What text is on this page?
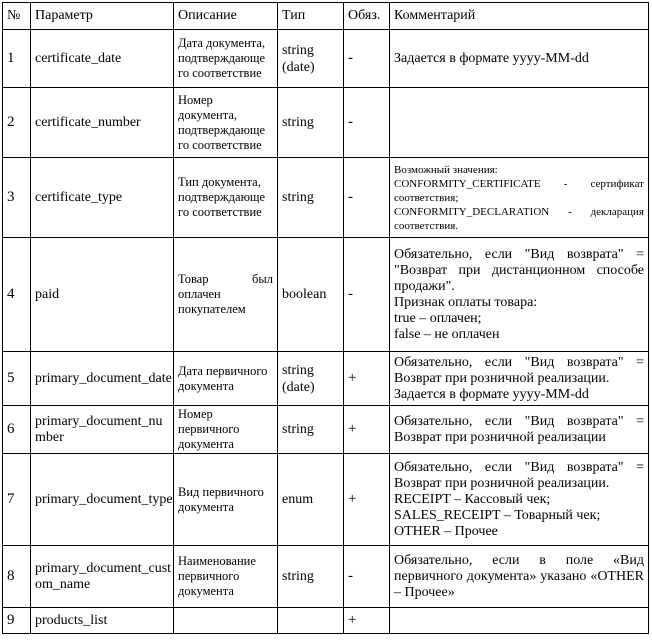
№	Параметр	Описание	Тип	Обяз.	Комментарий
1	certificate_date	Дата документа, подтверждающе го соответствие	string (date)	-	Задается в формате yyyy-MM-dd

2	certificate_number	Номер документа, подтверждающе го соответствие	string	-	
3	certificate_type	Тип документа, подтверждающе го соответствие	string	-	Возможный значения:
CONFORMITY_CERTIFICATE - сертификат соответствия;
CONFORMITY_DECLARATION - декларация соответствия.

4	paid	Товар был оплачен покупателем	boolean	-	Обязательно, если "Вид возврата" = "Возврат при дистанционном способе продажи".
Признак оплаты товара:
true – оплачен;
false – не оплачен

5	primary_document_date	Дата первичного документа	string (date)	+	Обязательно, если "Вид возврата" = Возврат при розничной реализации.
Задается в формате yyyy-MM-dd

6	primary_document_nu mber	Номер первичного документа	string	+	Обязательно, если "Вид возврата" = Возврат при розничной реализации

7	primary_document_type	Вид первичного документа	enum	+	Обязательно, если "Вид возврата" = Возврат при розничной реализации.
RECEIPT – Кассовый чек;
SALES_RECEIPT – Товарный чек;
OTHER – Прочее

8	primary_document_cust om_name	Наименование первичного документа	string	-	Обязательно, если в поле «Вид первичного документа» указано «OTHER – Прочее»

9	products_list			+	
